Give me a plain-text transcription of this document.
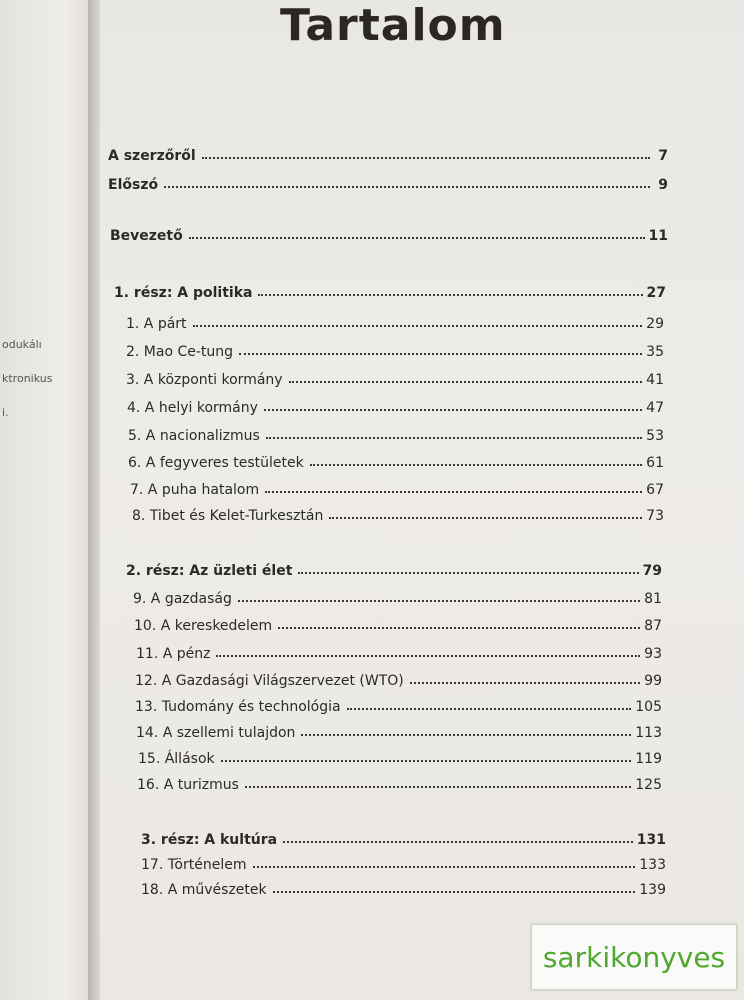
odukálı
ktronikus
i.
Tartalom
A szerzőről	7
Előszó	9
Bevezető	11
1. rész: A politika	27
1. A párt	29
2. Mao Ce-tung	35
3. A központi kormány	41
4. A helyi kormány	47
5. A nacionalizmus	53
6. A fegyveres testületek	61
7. A puha hatalom	67
8. Tibet és Kelet-Turkesztán	73
2. rész: Az üzleti élet	79
9. A gazdaság	81
10. A kereskedelem	87
11. A pénz	93
12. A Gazdasági Világszervezet (WTO)	99
13. Tudomány és technológia	105
14. A szellemi tulajdon	113
15. Állások	119
16. A turizmus	125
3. rész: A kultúra	131
17. Történelem	133
18. A művészetek	139
sarkikonyves
